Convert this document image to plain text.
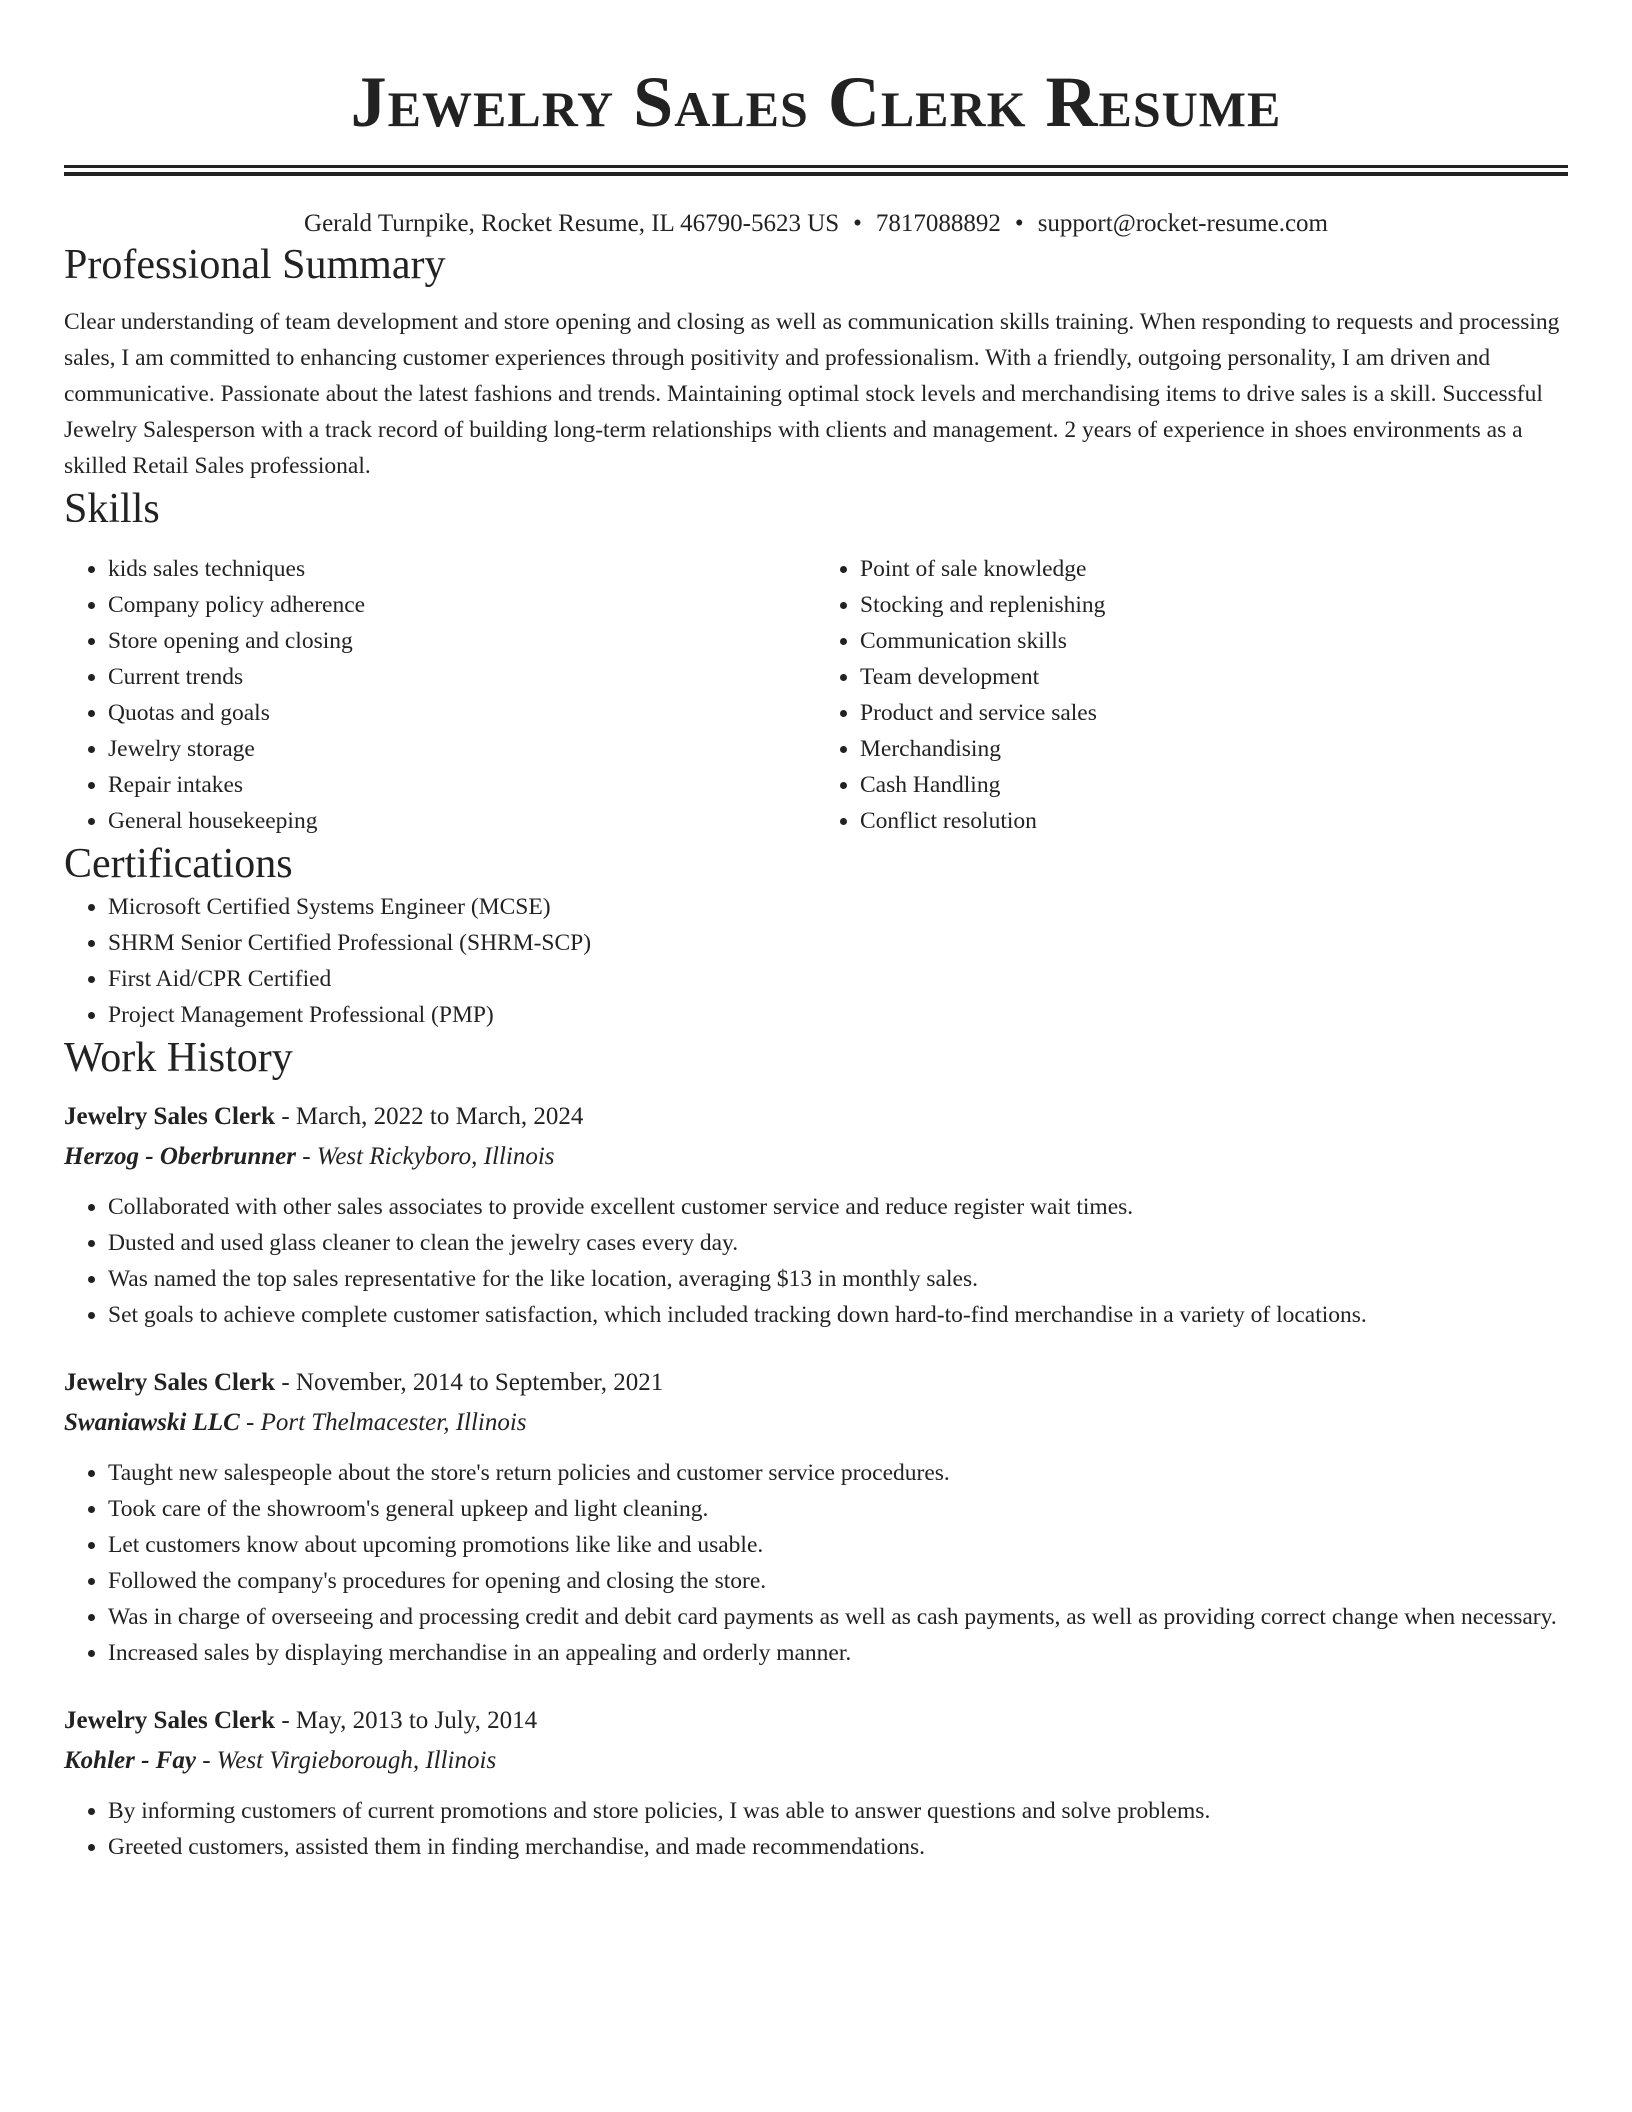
Jewelry Sales Clerk Resume
Gerald Turnpike, Rocket Resume, IL 46790-5623 US • 7817088892 • support@rocket-resume.com
Professional Summary

Clear understanding of team development and store opening and closing as well as communication skills training. When responding to requests and processing sales, I am committed to enhancing customer experiences through positivity and professionalism. With a friendly, outgoing personality, I am driven and communicative. Passionate about the latest fashions and trends. Maintaining optimal stock levels and merchandising items to drive sales is a skill. Successful Jewelry Salesperson with a track record of building long-term relationships with clients and management. 2 years of experience in shoes environments as a skilled Retail Sales professional.

Skills
• kids sales techniques
• Company policy adherence
• Store opening and closing
• Current trends
• Quotas and goals
• Jewelry storage
• Repair intakes
• General housekeeping
• Point of sale knowledge
• Stocking and replenishing
• Communication skills
• Team development
• Product and service sales
• Merchandising
• Cash Handling
• Conflict resolution
Certifications
• Microsoft Certified Systems Engineer (MCSE)
• SHRM Senior Certified Professional (SHRM-SCP)
• First Aid/CPR Certified
• Project Management Professional (PMP)
Work History
Jewelry Sales Clerk - March, 2022 to March, 2024
Herzog - Oberbrunner - West Rickyboro, Illinois
• Collaborated with other sales associates to provide excellent customer service and reduce register wait times.
• Dusted and used glass cleaner to clean the jewelry cases every day.
• Was named the top sales representative for the like location, averaging $13 in monthly sales.
• Set goals to achieve complete customer satisfaction, which included tracking down hard-to-find merchandise in a variety of locations.
Jewelry Sales Clerk - November, 2014 to September, 2021
Swaniawski LLC - Port Thelmacester, Illinois
• Taught new salespeople about the store's return policies and customer service procedures.
• Took care of the showroom's general upkeep and light cleaning.
• Let customers know about upcoming promotions like like and usable.
• Followed the company's procedures for opening and closing the store.
• Was in charge of overseeing and processing credit and debit card payments as well as cash payments, as well as providing correct change when necessary.
• Increased sales by displaying merchandise in an appealing and orderly manner.
Jewelry Sales Clerk - May, 2013 to July, 2014
Kohler - Fay - West Virgieborough, Illinois
• By informing customers of current promotions and store policies, I was able to answer questions and solve problems.
• Greeted customers, assisted them in finding merchandise, and made recommendations.
